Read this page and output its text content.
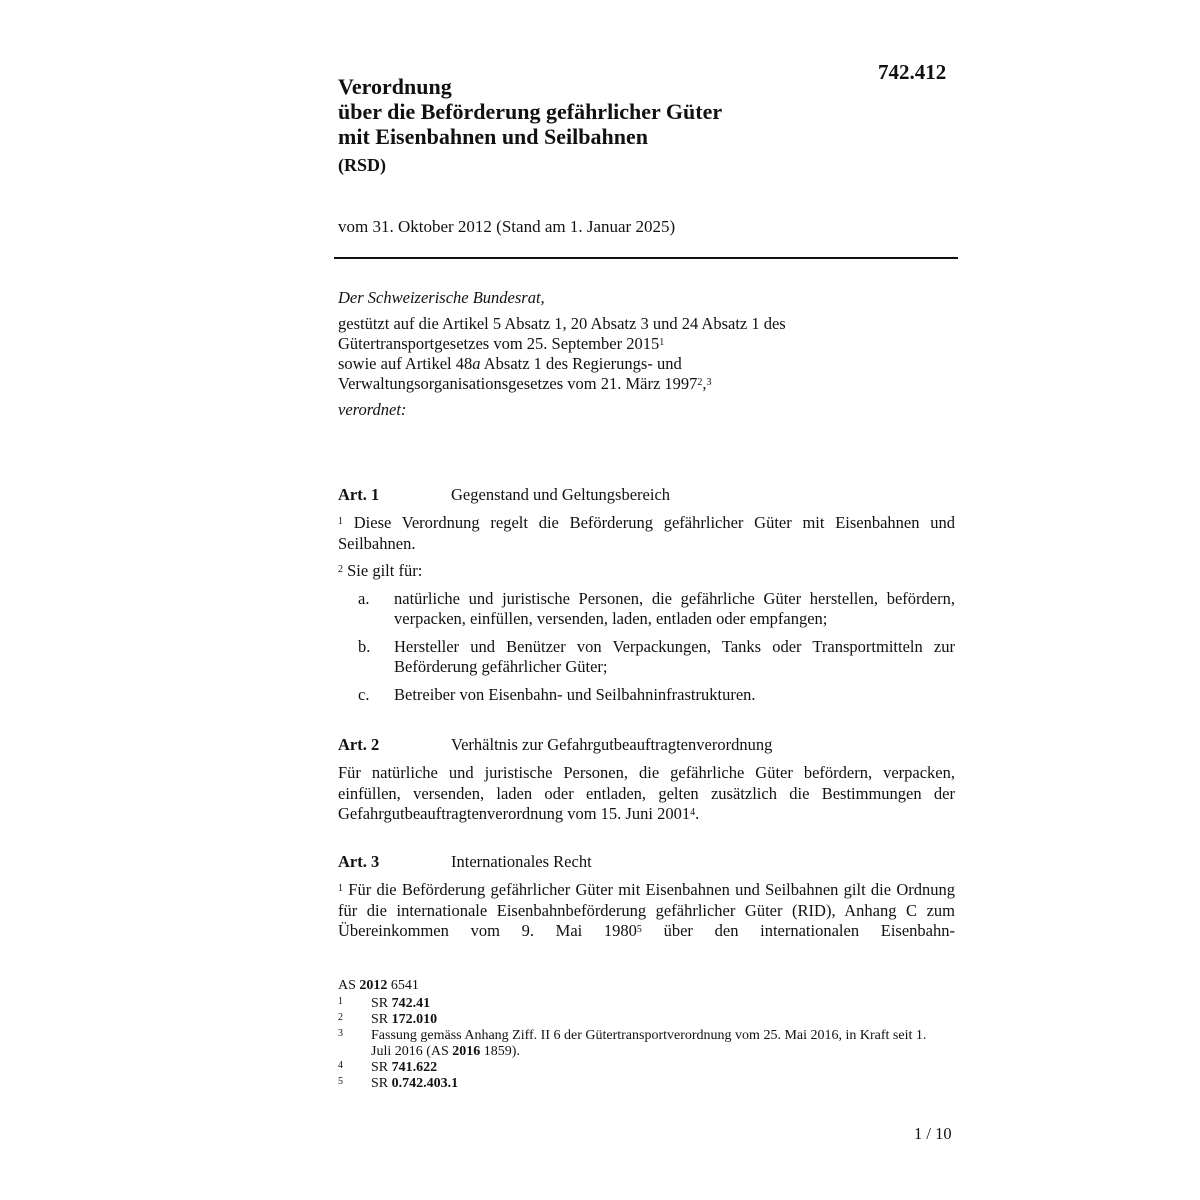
742.412
Verordnung
über die Beförderung gefährlicher Güter
mit Eisenbahnen und Seilbahnen
(RSD)
vom 31. Oktober 2012 (Stand am 1. Januar 2025)
Der Schweizerische Bundesrat,
gestützt auf die Artikel 5 Absatz 1, 20 Absatz 3 und 24 Absatz 1 des
Gütertransportgesetzes vom 25. September 2015$^1$
sowie auf Artikel 48a Absatz 1 des Regierungs- und
Verwaltungsorganisationsgesetzes vom 21. März 1997$^2$,$^3$
verordnet:
Art. 1	Gegenstand und Geltungsbereich

$^1$ Diese Verordnung regelt die Beförderung gefährlicher Güter mit Eisenbahnen und Seilbahnen.

$^2$ Sie gilt für:

a. natürliche und juristische Personen, die gefährliche Güter herstellen, befördern, verpacken, einfüllen, versenden, laden, entladen oder empfangen;
b. Hersteller und Benützer von Verpackungen, Tanks oder Transportmitteln zur Beförderung gefährlicher Güter;
c. Betreiber von Eisenbahn- und Seilbahninfrastrukturen.
Art. 2	Verhältnis zur Gefahrgutbeauftragtenverordnung

Für natürliche und juristische Personen, die gefährliche Güter befördern, verpacken, einfüllen, versenden, laden oder entladen, gelten zusätzlich die Bestimmungen der Gefahrgutbeauftragtenverordnung vom 15. Juni 2001$^4$.

Art. 3	Internationales Recht

$^1$ Für die Beförderung gefährlicher Güter mit Eisenbahnen und Seilbahnen gilt die Ordnung für die internationale Eisenbahnbeförderung gefährlicher Güter (RID), Anhang C zum Übereinkommen vom 9. Mai 1980$^5$ über den internationalen Eisenbahn-

AS 2012 6541
1 SR 742.41
2 SR 172.010
3 Fassung gemäss Anhang Ziff. II 6 der Gütertransportverordnung vom 25. Mai 2016, in Kraft seit 1. Juli 2016 (AS 2016 1859).
4 SR 741.622
5 SR 0.742.403.1
1 / 10
